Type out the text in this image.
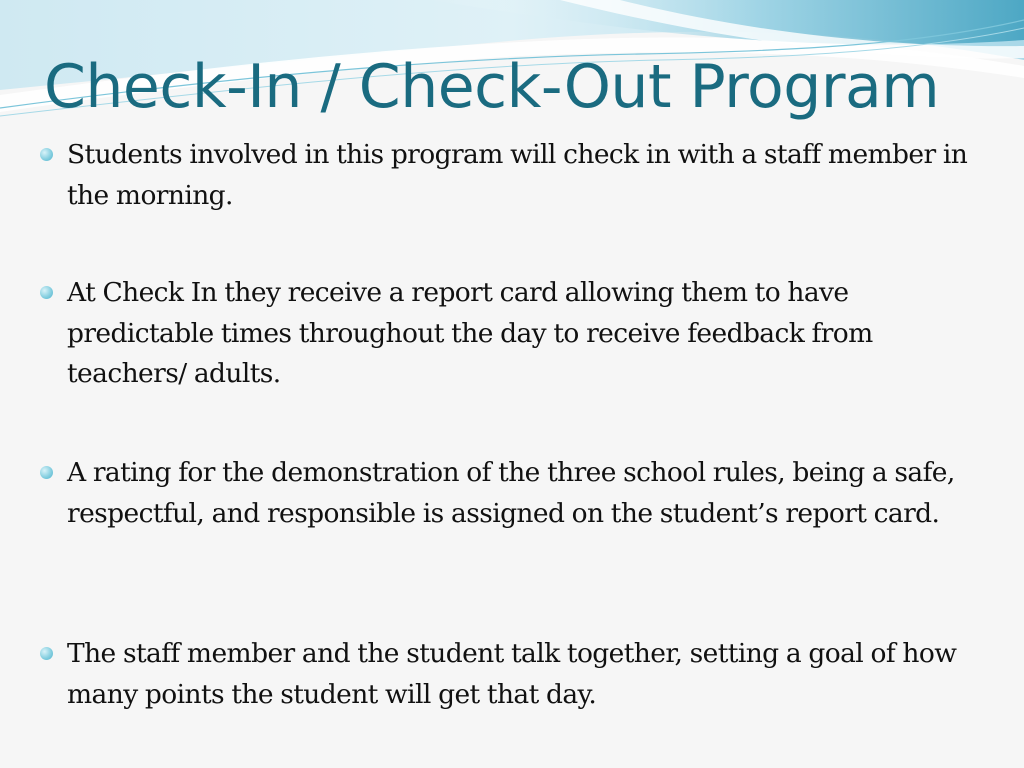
Check-In / Check-Out Program
Students involved in this program will check in with a staff member in the morning.
At Check In they receive a report card allowing them to have predictable times throughout the day to receive feedback from teachers/ adults.
A rating for the demonstration of the three school rules, being a safe, respectful, and responsible is assigned on the student’s report card.
The staff member and the student talk together, setting a goal of how many points the student will get that day.
